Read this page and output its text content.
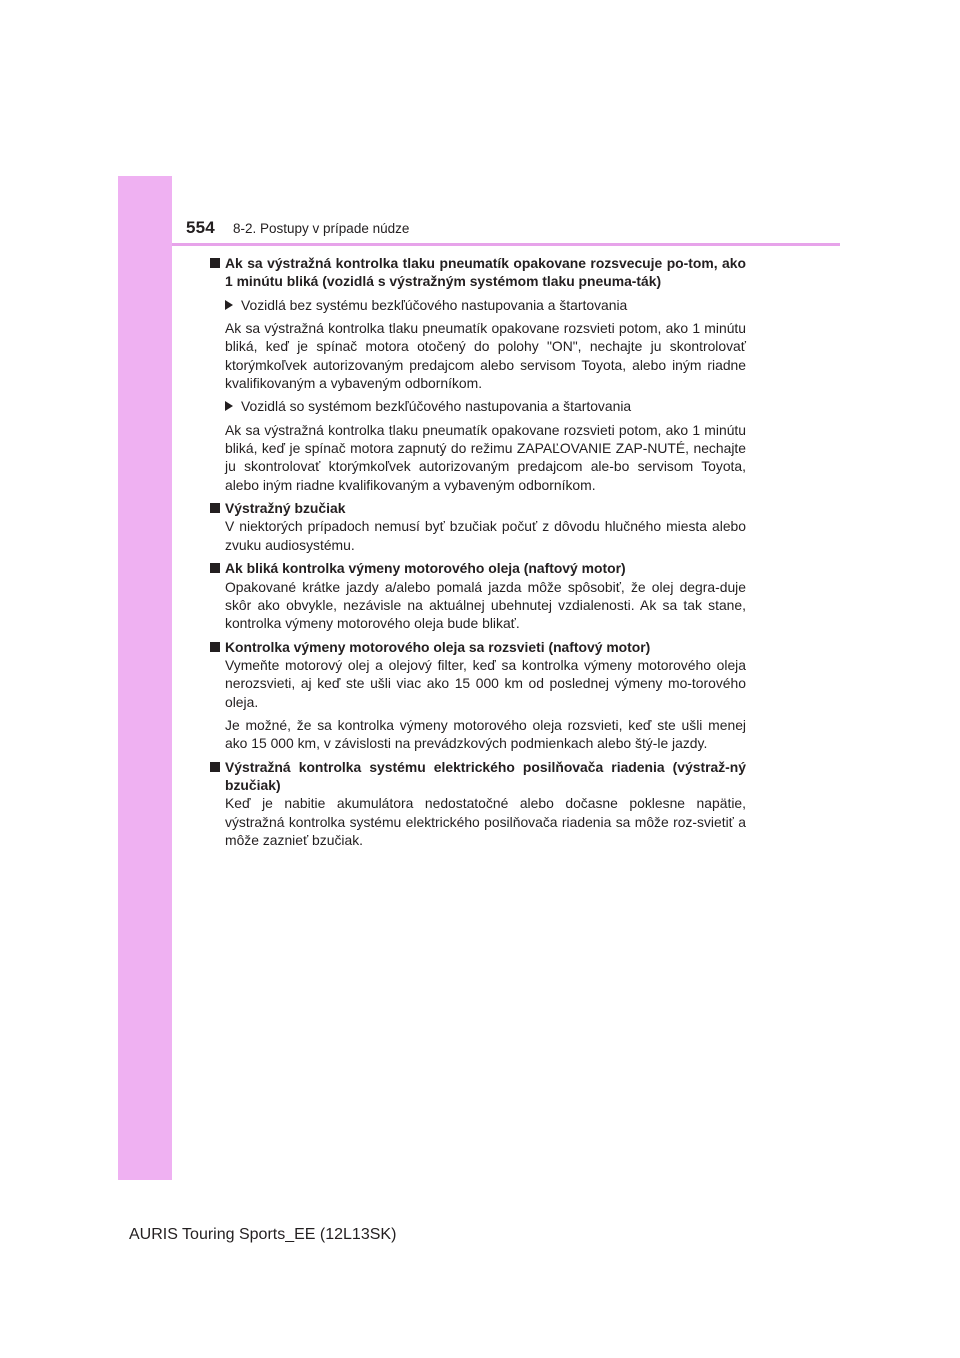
554 8-2. Postupy v prípade núdze
Ak sa výstražná kontrolka tlaku pneumatík opakovane rozsvecuje po-tom, ako 1 minútu bliká (vozidlá s výstražným systémom tlaku pneuma-ták)
Vozidlá bez systému bezkľúčového nastupovania a štartovania
Ak sa výstražná kontrolka tlaku pneumatík opakovane rozsvieti potom, ako 1 minútu bliká, keď je spínač motora otočený do polohy "ON", nechajte ju skontrolovať ktorýmkoľvek autorizovaným predajcom alebo servisom Toyota, alebo iným riadne kvalifikovaným a vybaveným odborníkom.
Vozidlá so systémom bezkľúčového nastupovania a štartovania
Ak sa výstražná kontrolka tlaku pneumatík opakovane rozsvieti potom, ako 1 minútu bliká, keď je spínač motora zapnutý do režimu ZAPAĽOVANIE ZAP-NUTÉ, nechajte ju skontrolovať ktorýmkoľvek autorizovaným predajcom ale-bo servisom Toyota, alebo iným riadne kvalifikovaným a vybaveným odborníkom.
Výstražný bzučiak
V niektorých prípadoch nemusí byť bzučiak počuť z dôvodu hlučného miesta alebo zvuku audiosystému.
Ak bliká kontrolka výmeny motorového oleja (naftový motor)
Opakované krátke jazdy a/alebo pomalá jazda môže spôsobiť, že olej degra-duje skôr ako obvykle, nezávisle na aktuálnej ubehnutej vzdialenosti. Ak sa tak stane, kontrolka výmeny motorového oleja bude blikať.
Kontrolka výmeny motorového oleja sa rozsvieti (naftový motor)
Vymeňte motorový olej a olejový filter, keď sa kontrolka výmeny motorového oleja nerozsvieti, aj keď ste ušli viac ako 15 000 km od poslednej výmeny mo-torového oleja.
Je možné, že sa kontrolka výmeny motorového oleja rozsvieti, keď ste ušli menej ako 15 000 km, v závislosti na prevádzkových podmienkach alebo štý-le jazdy.
Výstražná kontrolka systému elektrického posilňovača riadenia (výstraž-ný bzučiak)
Keď je nabitie akumulátora nedostatočné alebo dočasne poklesne napätie, výstražná kontrolka systému elektrického posilňovača riadenia sa môže roz-svietiť a môže zaznieť bzučiak.
AURIS Touring Sports_EE (12L13SK)
